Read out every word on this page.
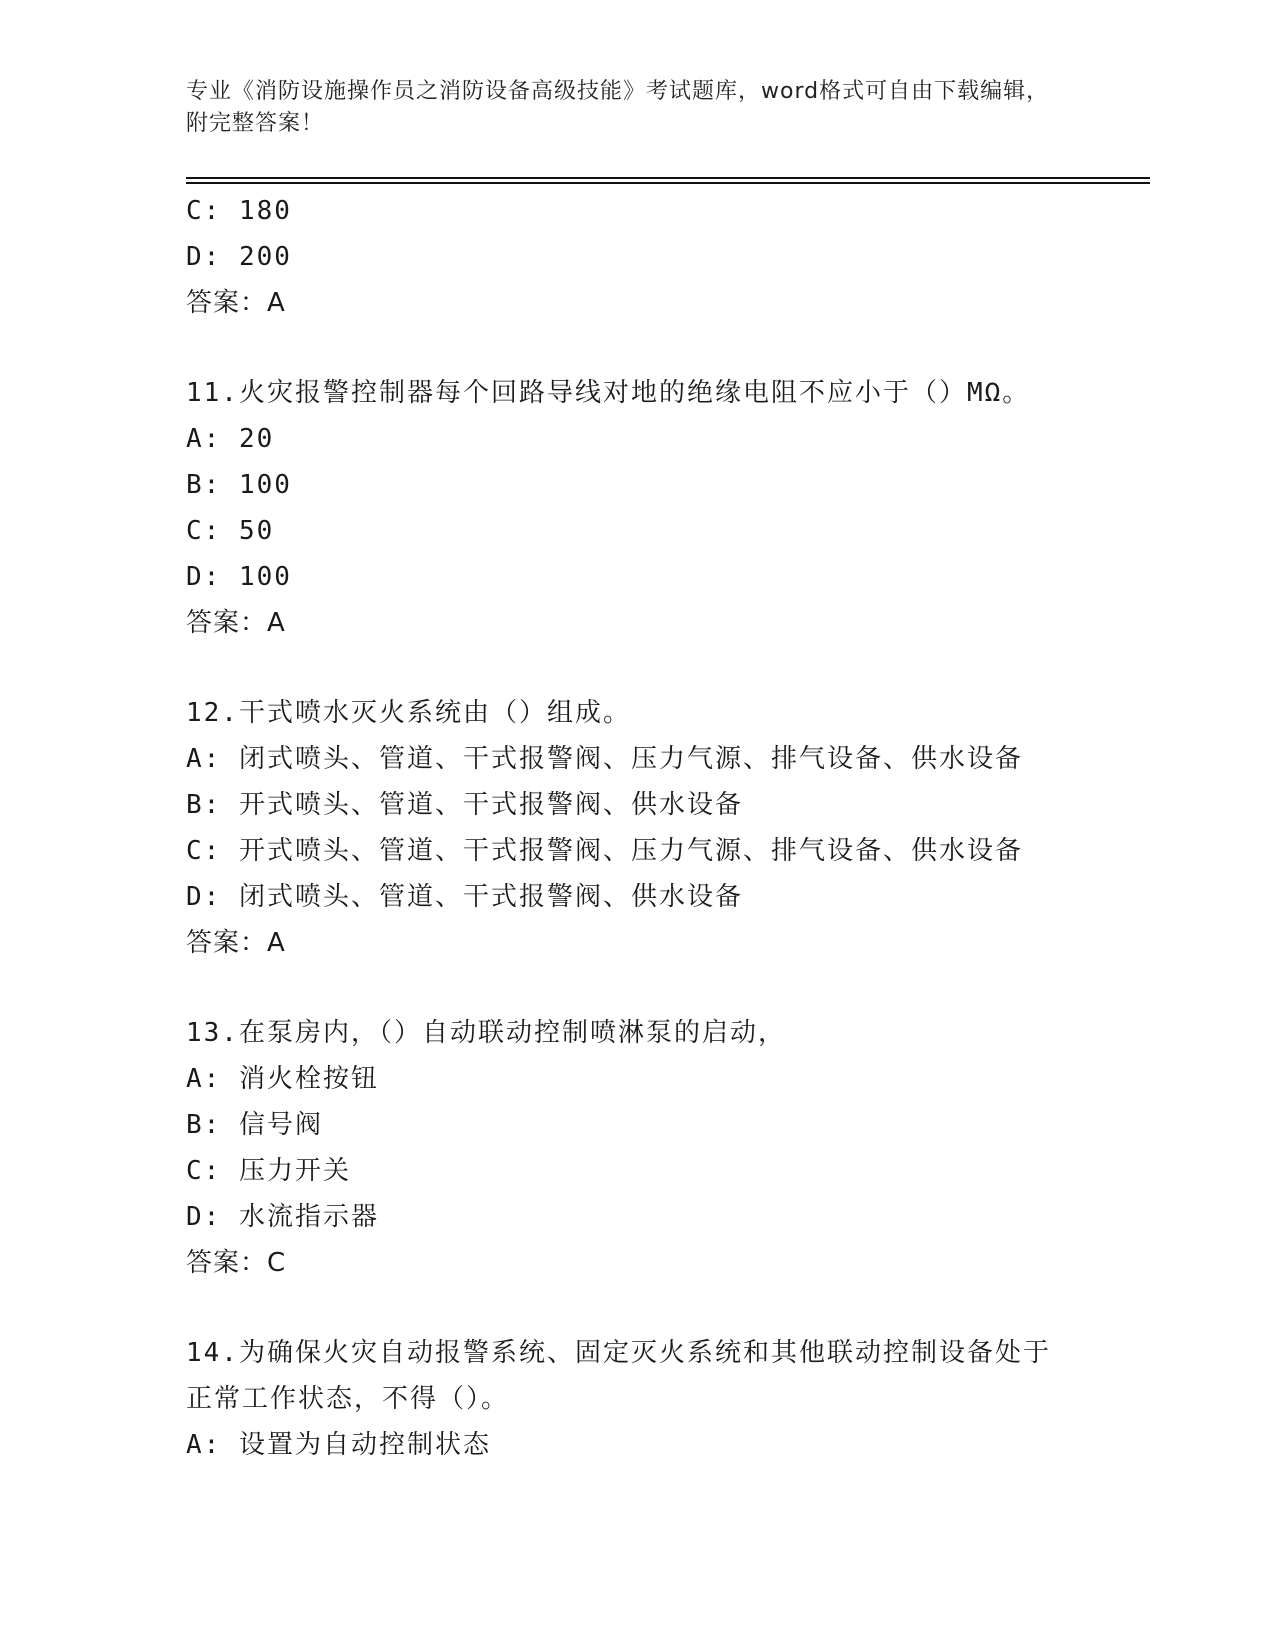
专业《消防设施操作员之消防设备高级技能》考试题库，word格式可自由下载编辑，附完整答案！
C: 180
D: 200
答案：A
11.火灾报警控制器每个回路导线对地的绝缘电阻不应小于（）MΩ。
A: 20
B: 100
C: 50
D: 100
答案：A
12.干式喷水灭火系统由（）组成。
A: 闭式喷头、管道、干式报警阀、压力气源、排气设备、供水设备
B: 开式喷头、管道、干式报警阀、供水设备
C: 开式喷头、管道、干式报警阀、压力气源、排气设备、供水设备
D: 闭式喷头、管道、干式报警阀、供水设备
答案：A
13.在泵房内，（）自动联动控制喷淋泵的启动，
A: 消火栓按钮
B: 信号阀
C: 压力开关
D: 水流指示器
答案：C
14.为确保火灾自动报警系统、固定灭火系统和其他联动控制设备处于正常工作状态，不得（）。
A: 设置为自动控制状态
